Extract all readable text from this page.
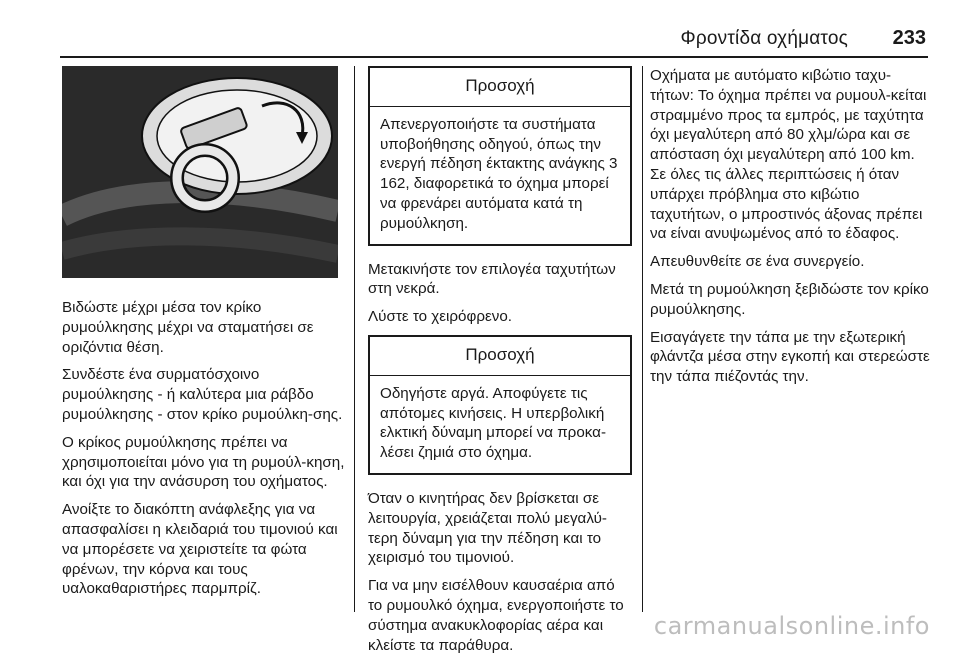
Φροντίδα οχήματος 233

Βιδώστε μέχρι μέσα τον κρίκο ρυμούλκησης μέχρι να σταματήσει σε οριζόντια θέση.

Συνδέστε ένα συρματόσχοινο ρυμούλκησης - ή καλύτερα μια ράβδο ρυμούλκησης - στον κρίκο ρυμούλκη‐σης.

Ο κρίκος ρυμούλκησης πρέπει να χρησιμοποιείται μόνο για τη ρυμούλ‐κηση, και όχι για την ανάσυρση του οχήματος.

Ανοίξτε το διακόπτη ανάφλεξης για να απασφαλίσει η κλειδαριά του τιμονιού και να μπορέσετε να χειριστείτε τα φώτα φρένων, την κόρνα και τους υαλοκαθαριστήρες παρμπρίζ.

Προσοχή

Απενεργοποιήστε τα συστήματα υποβοήθησης οδηγού, όπως την ενεργή πέδηση έκτακτης ανάγκης 3 162, διαφορετικά το όχημα μπορεί να φρενάρει αυτόματα κατά τη ρυμούλκηση.

Μετακινήστε τον επιλογέα ταχυτήτων στη νεκρά.

Λύστε το χειρόφρενο.

Προσοχή

Οδηγήστε αργά. Αποφύγετε τις απότομες κινήσεις. Η υπερβολική ελκτική δύναμη μπορεί να προκα‐λέσει ζημιά στο όχημα.

Όταν ο κινητήρας δεν βρίσκεται σε λειτουργία, χρειάζεται πολύ μεγαλύ‐τερη δύναμη για την πέδηση και το χειρισμό του τιμονιού.

Για να μην εισέλθουν καυσαέρια από το ρυμουλκό όχημα, ενεργοποιήστε το σύστημα ανακυκλοφορίας αέρα και κλείστε τα παράθυρα.

Οχήματα με αυτόματο κιβώτιο ταχυ‐τήτων: Το όχημα πρέπει να ρυμουλ‐κείται στραμμένο προς τα εμπρός, με ταχύτητα όχι μεγαλύτερη από 80 χλμ/ώρα και σε απόσταση όχι μεγαλύτερη από 100 km. Σε όλες τις άλλες περιπτώσεις ή όταν υπάρχει πρόβλημα στο κιβώτιο ταχυτήτων, ο μπροστινός άξονας πρέπει να είναι ανυψωμένος από το έδαφος.

Απευθυνθείτε σε ένα συνεργείο.

Μετά τη ρυμούλκηση ξεβιδώστε τον κρίκο ρυμούλκησης.

Εισαγάγετε την τάπα με την εξωτερική φλάντζα μέσα στην εγκοπή και στερεώστε την τάπα πιέζοντάς την.

carmanualsonline.info
